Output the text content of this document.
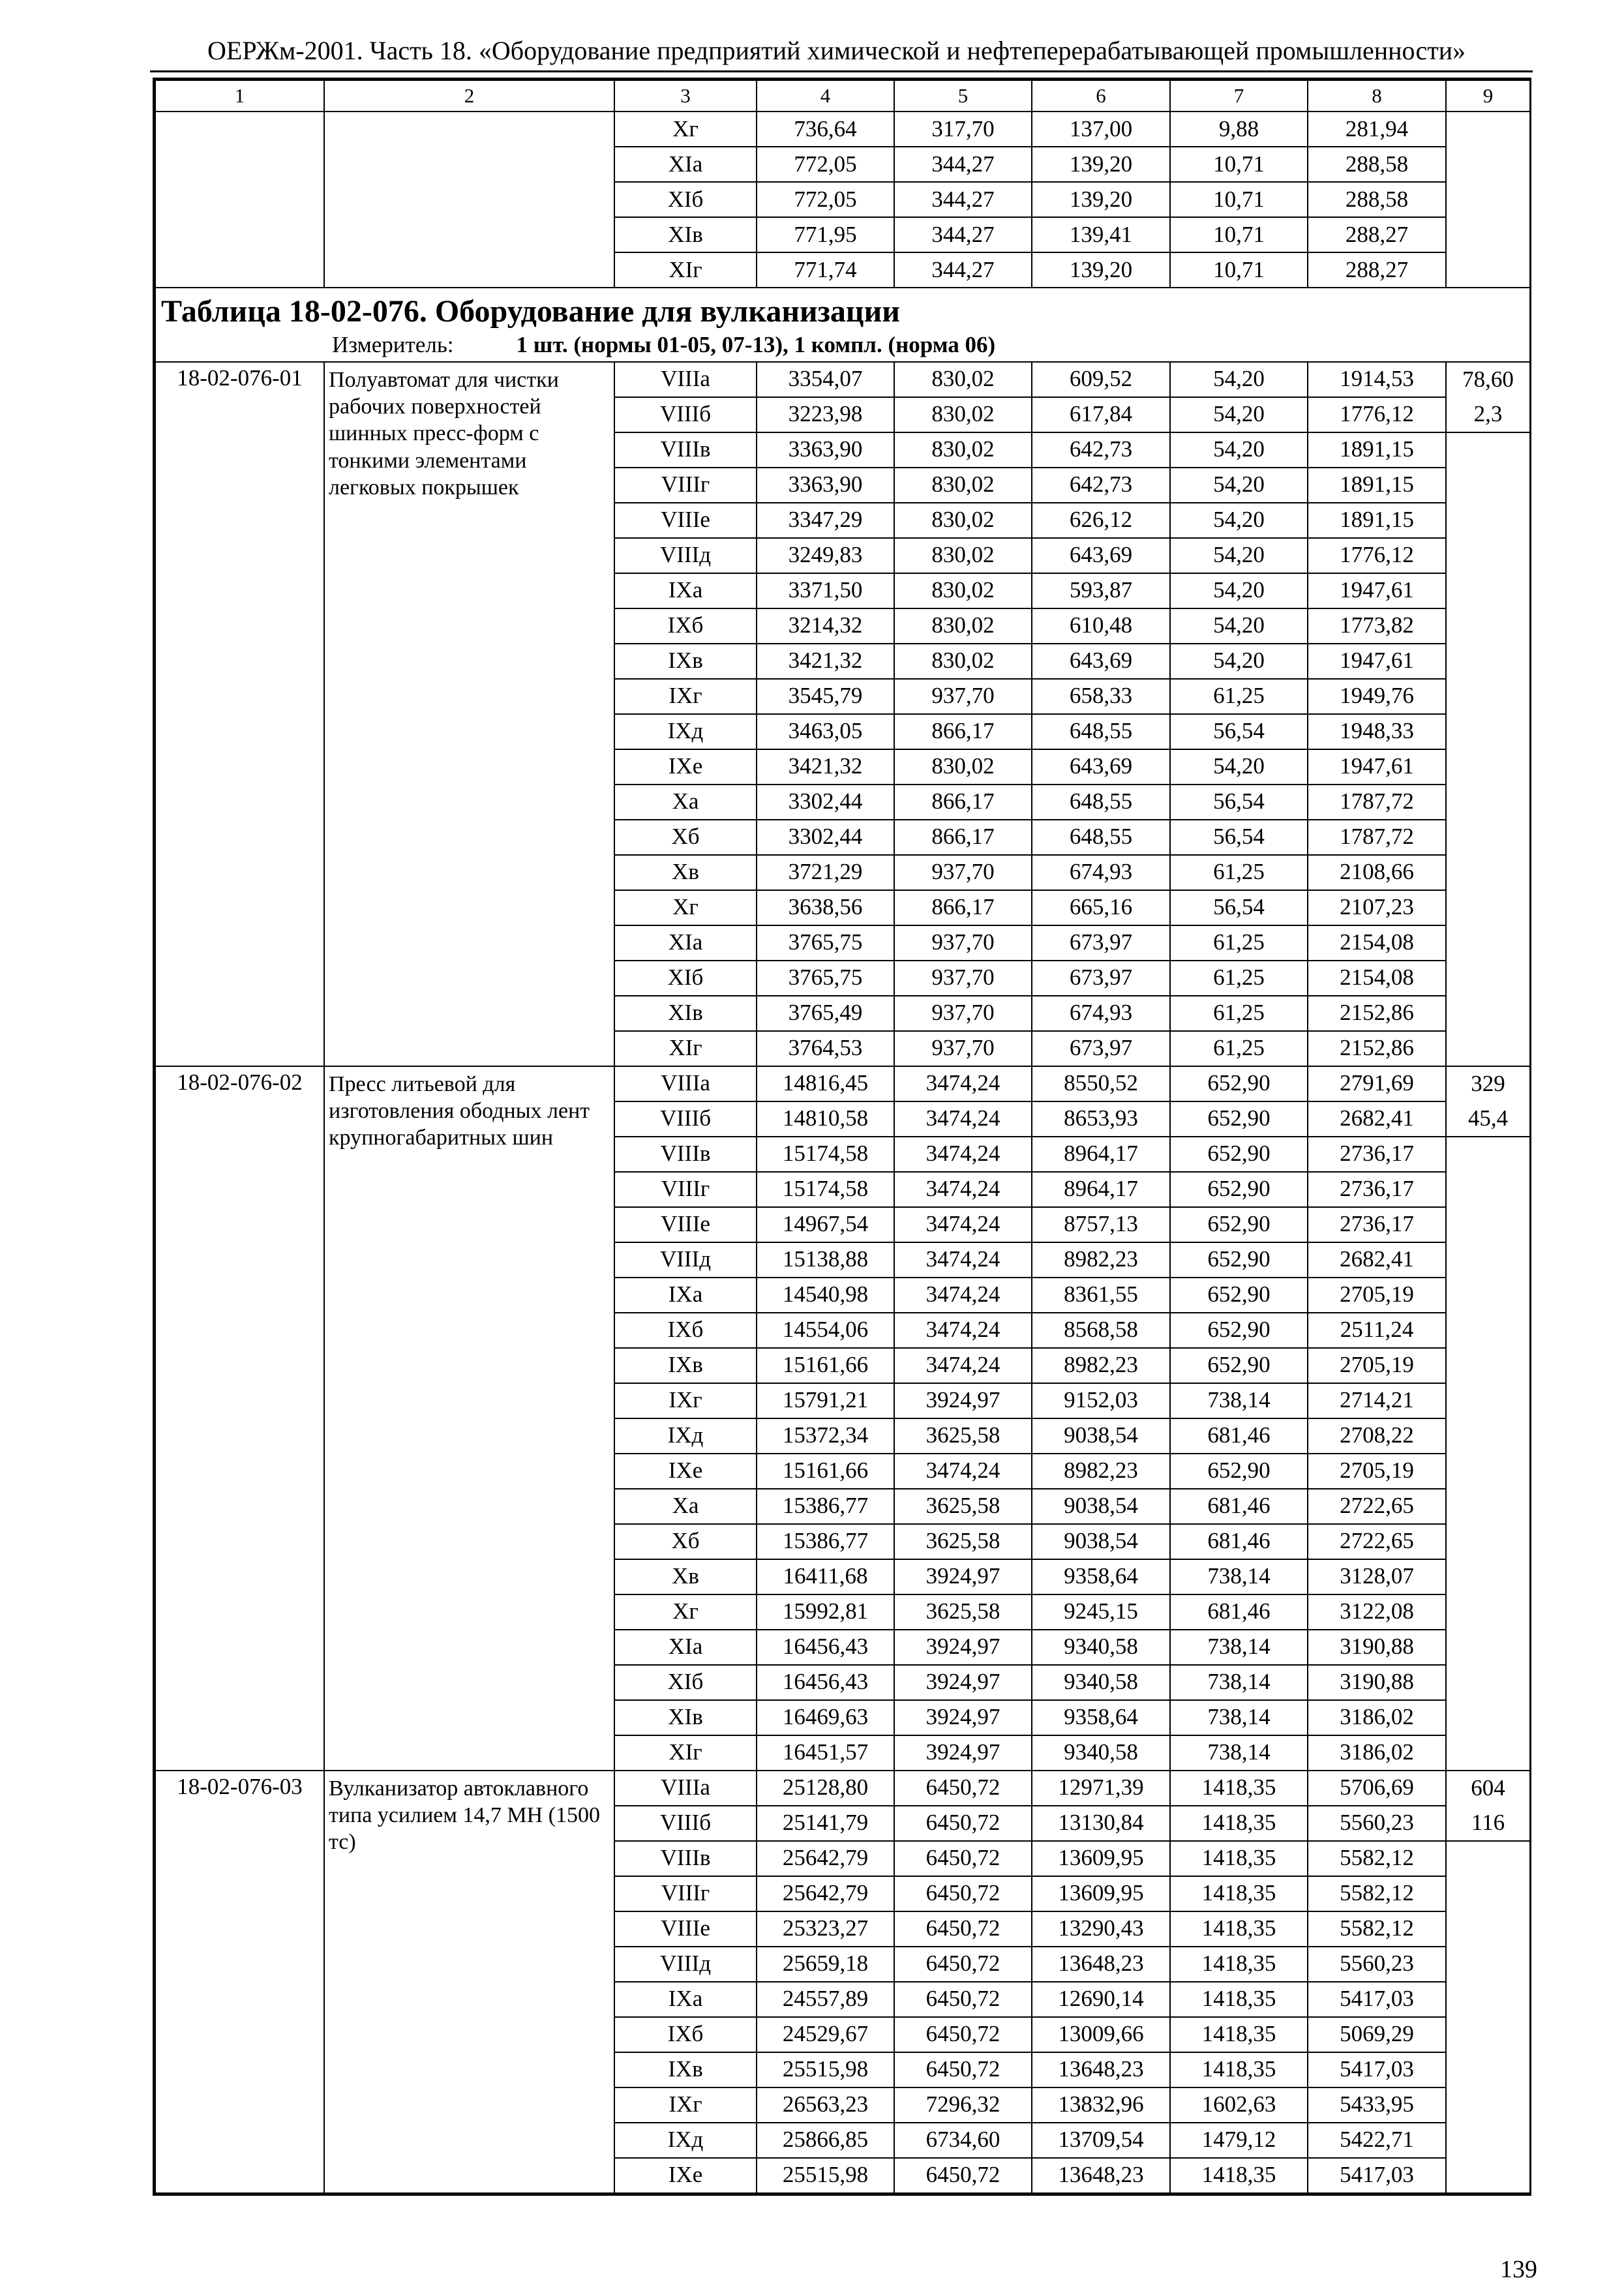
ОЕРЖм-2001. Часть 18. «Оборудование предприятий химической и нефтеперерабатывающей промышленности»
1	2	3	4	5	6	7	8	9
		Xг	736,64	317,70	137,00	9,88	281,94	
		XIа	772,05	344,27	139,20	10,71	288,58	
		XIб	772,05	344,27	139,20	10,71	288,58	
		XIв	771,95	344,27	139,41	10,71	288,27	
		XIг	771,74	344,27	139,20	10,71	288,27	

Таблица 18-02-076. Оборудование для вулканизации
Измеритель: 1 шт. (нормы 01-05, 07-13), 1 компл. (норма 06)								

18-02-076-01	Полуавтомат для чистки рабочих поверхностей шинных пресс-форм с тонкими элементами легковых покрышек	VIIIа	3354,07	830,02	609,52	54,20	1914,53	78,60
		VIIIб	3223,98	830,02	617,84	54,20	1776,12	2,3
		VIIIв	3363,90	830,02	642,73	54,20	1891,15	
		VIIIг	3363,90	830,02	642,73	54,20	1891,15	
		VIIIе	3347,29	830,02	626,12	54,20	1891,15	
		VIIIд	3249,83	830,02	643,69	54,20	1776,12	
		IXа	3371,50	830,02	593,87	54,20	1947,61	
		IXб	3214,32	830,02	610,48	54,20	1773,82	
		IXв	3421,32	830,02	643,69	54,20	1947,61	
		IXг	3545,79	937,70	658,33	61,25	1949,76	
		IXд	3463,05	866,17	648,55	56,54	1948,33	
		IXе	3421,32	830,02	643,69	54,20	1947,61	
		Xа	3302,44	866,17	648,55	56,54	1787,72	
		Xб	3302,44	866,17	648,55	56,54	1787,72	
		Xв	3721,29	937,70	674,93	61,25	2108,66	
		Xг	3638,56	866,17	665,16	56,54	2107,23	
		XIа	3765,75	937,70	673,97	61,25	2154,08	
		XIб	3765,75	937,70	673,97	61,25	2154,08	
		XIв	3765,49	937,70	674,93	61,25	2152,86	
		XIг	3764,53	937,70	673,97	61,25	2152,86	
18-02-076-02	Пресс литьевой для изготовления ободных лент крупногабаритных шин	VIIIа	14816,45	3474,24	8550,52	652,90	2791,69	329
		VIIIб	14810,58	3474,24	8653,93	652,90	2682,41	45,4
		VIIIв	15174,58	3474,24	8964,17	652,90	2736,17	
		VIIIг	15174,58	3474,24	8964,17	652,90	2736,17	
		VIIIе	14967,54	3474,24	8757,13	652,90	2736,17	
		VIIIд	15138,88	3474,24	8982,23	652,90	2682,41	
		IXа	14540,98	3474,24	8361,55	652,90	2705,19	
		IXб	14554,06	3474,24	8568,58	652,90	2511,24	
		IXв	15161,66	3474,24	8982,23	652,90	2705,19	
		IXг	15791,21	3924,97	9152,03	738,14	2714,21	
		IXд	15372,34	3625,58	9038,54	681,46	2708,22	
		IXе	15161,66	3474,24	8982,23	652,90	2705,19	
		Xа	15386,77	3625,58	9038,54	681,46	2722,65	
		Xб	15386,77	3625,58	9038,54	681,46	2722,65	
		Xв	16411,68	3924,97	9358,64	738,14	3128,07	
		Xг	15992,81	3625,58	9245,15	681,46	3122,08	
		XIа	16456,43	3924,97	9340,58	738,14	3190,88	
		XIб	16456,43	3924,97	9340,58	738,14	3190,88	
		XIв	16469,63	3924,97	9358,64	738,14	3186,02	
		XIг	16451,57	3924,97	9340,58	738,14	3186,02	
18-02-076-03	Вулканизатор автоклавного типа усилием 14,7 МН (1500 тс)	VIIIа	25128,80	6450,72	12971,39	1418,35	5706,69	604
		VIIIб	25141,79	6450,72	13130,84	1418,35	5560,23	116
		VIIIв	25642,79	6450,72	13609,95	1418,35	5582,12	
		VIIIг	25642,79	6450,72	13609,95	1418,35	5582,12	
		VIIIе	25323,27	6450,72	13290,43	1418,35	5582,12	
		VIIIд	25659,18	6450,72	13648,23	1418,35	5560,23	
		IXа	24557,89	6450,72	12690,14	1418,35	5417,03	
		IXб	24529,67	6450,72	13009,66	1418,35	5069,29	
		IXв	25515,98	6450,72	13648,23	1418,35	5417,03	
		IXг	26563,23	7296,32	13832,96	1602,63	5433,95	
		IXд	25866,85	6734,60	13709,54	1479,12	5422,71	
		IXе	25515,98	6450,72	13648,23	1418,35	5417,03	
139
